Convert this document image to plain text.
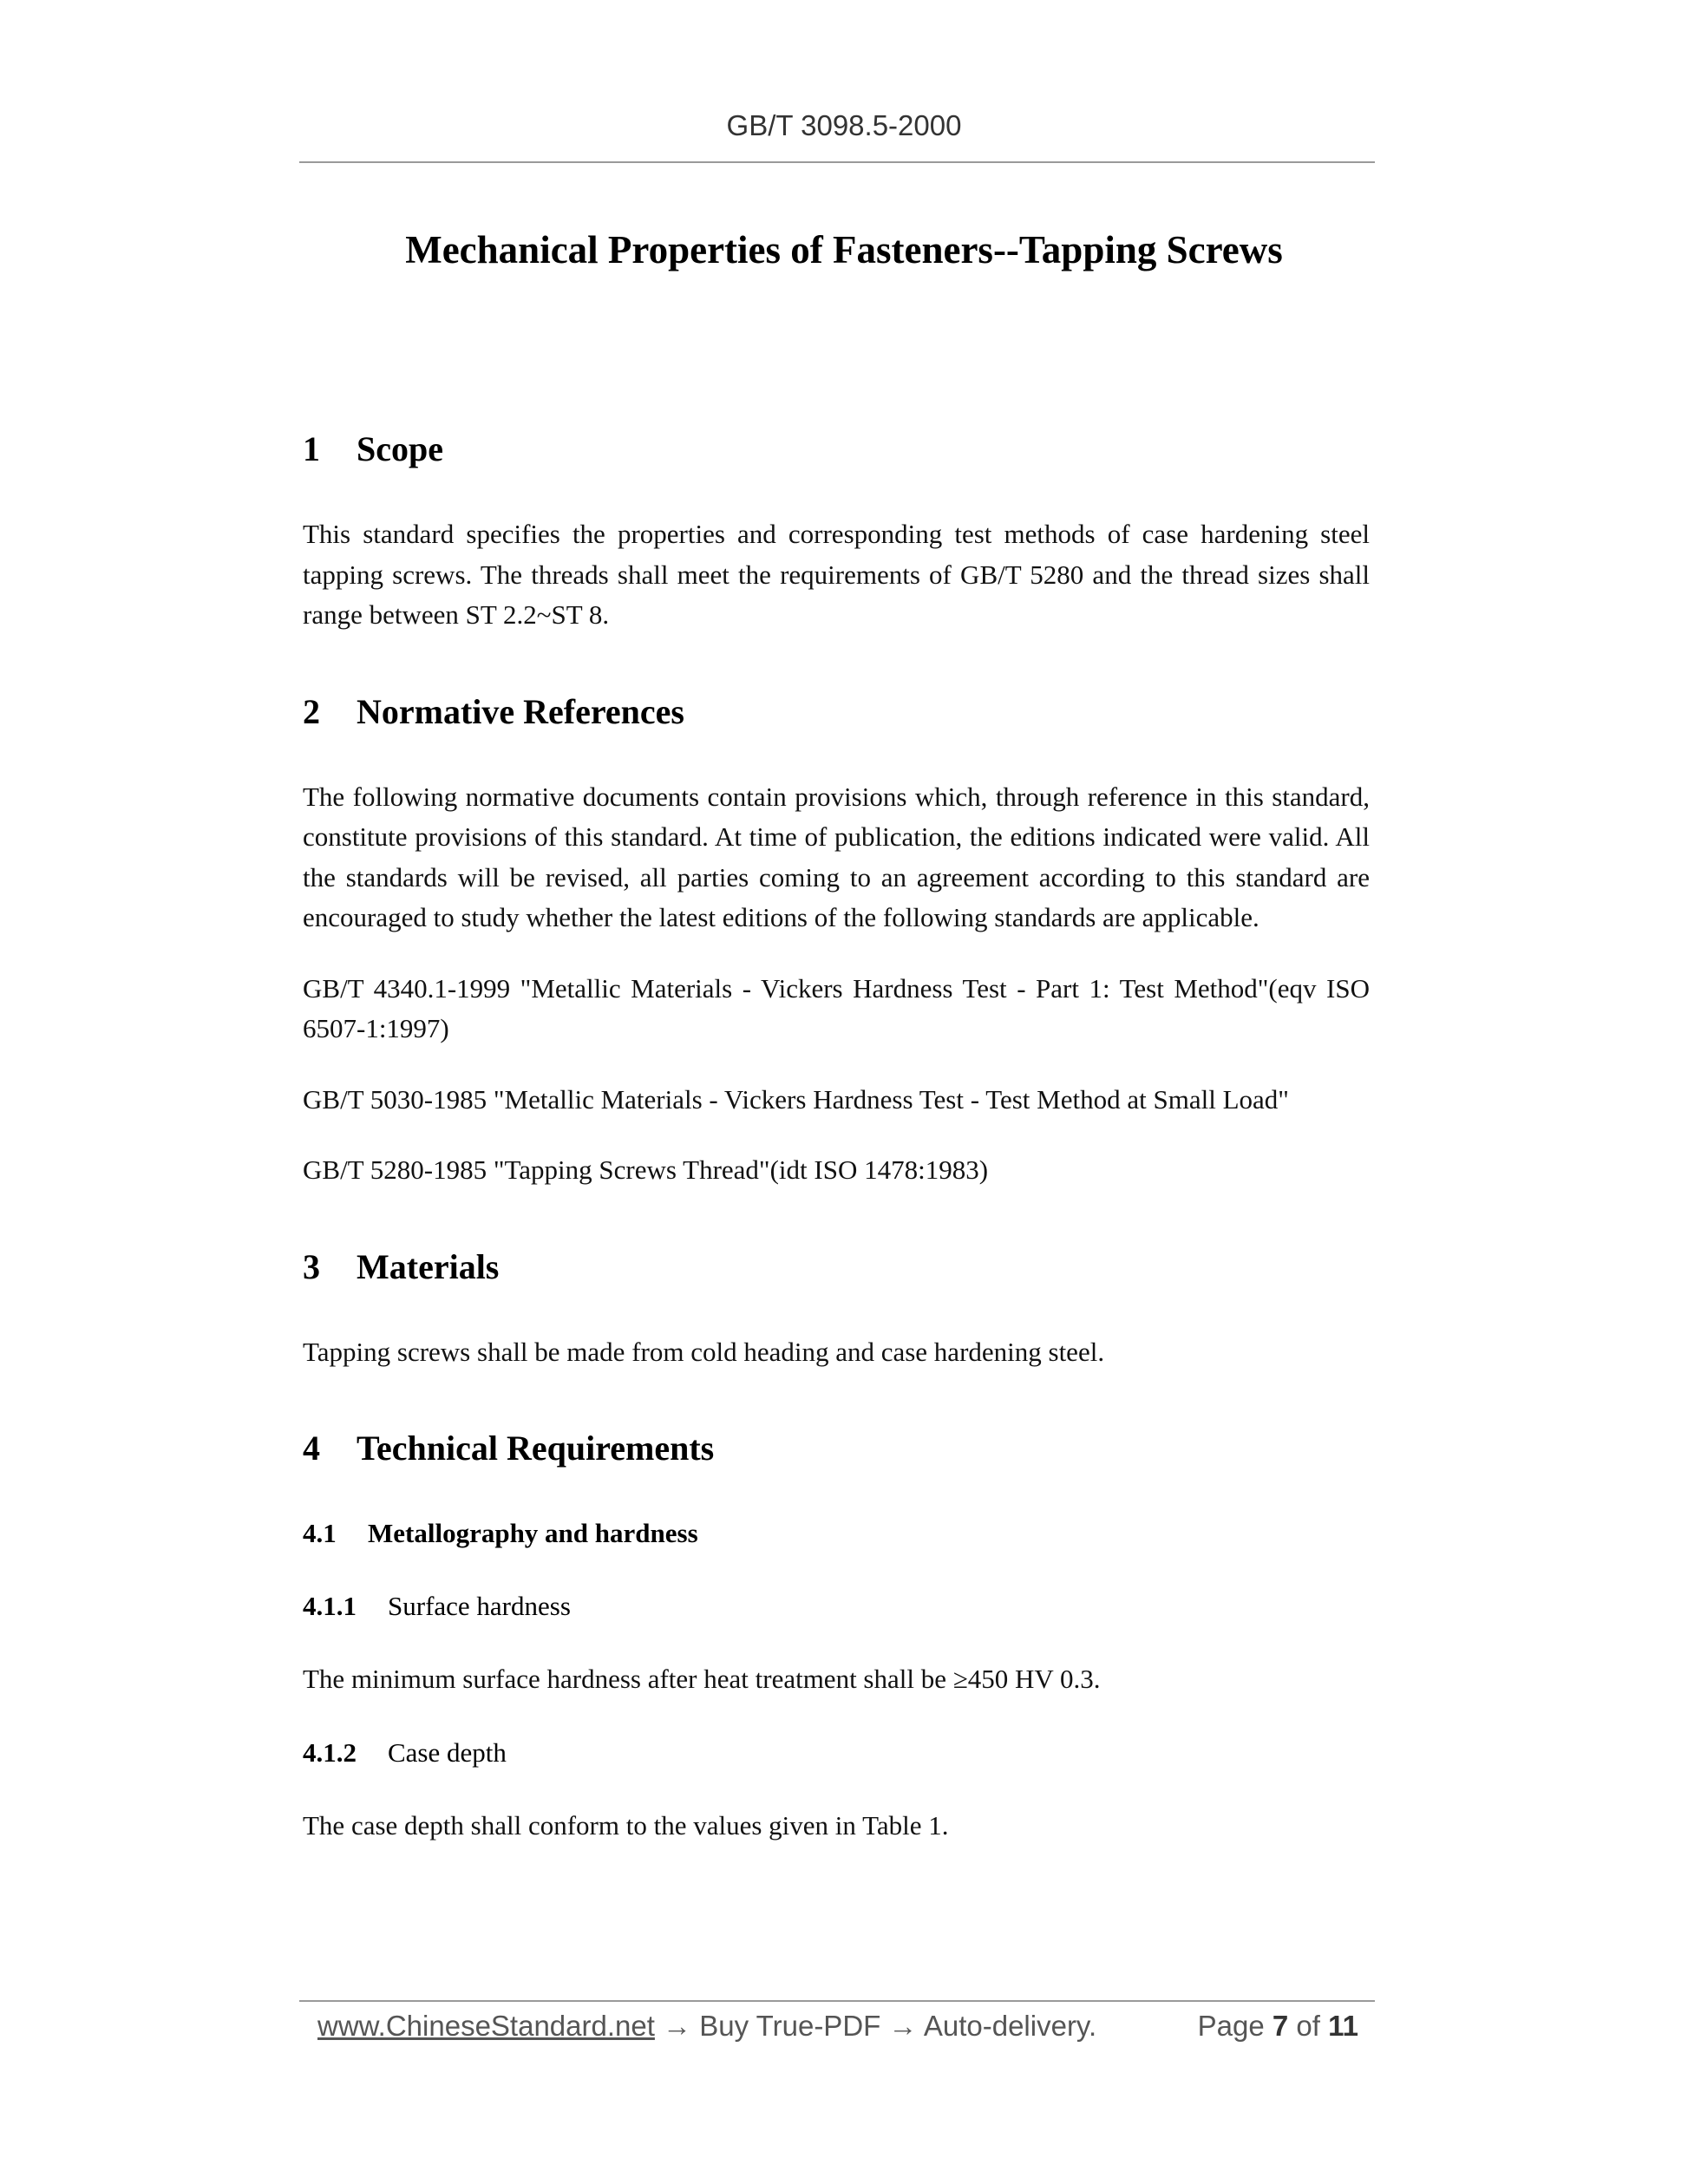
GB/T 3098.5-2000
Mechanical Properties of Fasteners--Tapping Screws
1 Scope

This standard specifies the properties and corresponding test methods of case hardening steel tapping screws. The threads shall meet the requirements of GB/T 5280 and the thread sizes shall range between ST 2.2~ST 8.

2 Normative References

The following normative documents contain provisions which, through reference in this standard, constitute provisions of this standard. At time of publication, the editions indicated were valid. All the standards will be revised, all parties coming to an agreement according to this standard are encouraged to study whether the latest editions of the following standards are applicable.

GB/T 4340.1-1999 "Metallic Materials - Vickers Hardness Test - Part 1: Test Method"(eqv ISO 6507-1:1997)

GB/T 5030-1985 "Metallic Materials - Vickers Hardness Test - Test Method at Small Load"

GB/T 5280-1985 "Tapping Screws Thread"(idt ISO 1478:1983)

3 Materials

Tapping screws shall be made from cold heading and case hardening steel.

4 Technical Requirements
4.1 Metallography and hardness
4.1.1 Surface hardness

The minimum surface hardness after heat treatment shall be ≥450 HV 0.3.

4.1.2 Case depth

The case depth shall conform to the values given in Table 1.

www.ChineseStandard.net → Buy True-PDF → Auto-delivery.	Page 7 of 11
